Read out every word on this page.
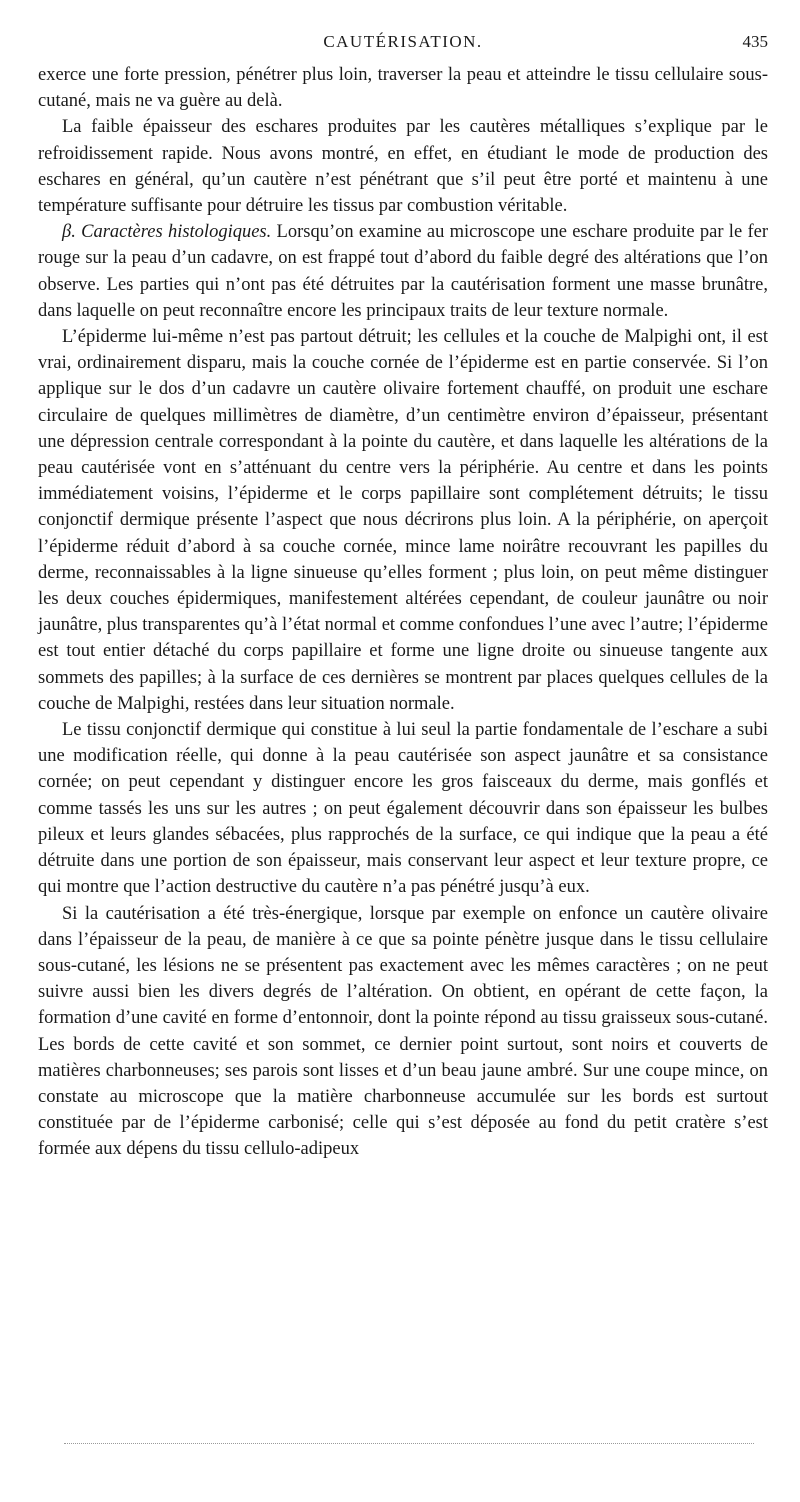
CAUTÉRISATION.	435

exerce une forte pression, pénétrer plus loin, traverser la peau et atteindre le tissu cellulaire sous-cutané, mais ne va guère au delà.

La faible épaisseur des eschares produites par les cautères métalliques s’explique par le refroidissement rapide. Nous avons montré, en effet, en étudiant le mode de production des eschares en général, qu’un cautère n’est pénétrant que s’il peut être porté et maintenu à une température suffisante pour détruire les tissus par combustion véritable.

β. Caractères histologiques. Lorsqu’on examine au microscope une eschare produite par le fer rouge sur la peau d’un cadavre, on est frappé tout d’abord du faible degré des altérations que l’on observe. Les parties qui n’ont pas été détruites par la cautérisation forment une masse brunâtre, dans laquelle on peut reconnaître encore les principaux traits de leur texture normale.

L’épiderme lui-même n’est pas partout détruit; les cellules et la couche de Malpighi ont, il est vrai, ordinairement disparu, mais la couche cornée de l’épiderme est en partie conservée. Si l’on applique sur le dos d’un cadavre un cautère olivaire fortement chauffé, on produit une eschare circulaire de quelques millimètres de diamètre, d’un centimètre environ d’épaisseur, présentant une dépression centrale correspondant à la pointe du cautère, et dans laquelle les altérations de la peau cautérisée vont en s’atténuant du centre vers la périphérie. Au centre et dans les points immédiatement voisins, l’épiderme et le corps papillaire sont complétement détruits; le tissu conjonctif dermique présente l’aspect que nous décrirons plus loin. A la périphérie, on aperçoit l’épiderme réduit d’abord à sa couche cornée, mince lame noirâtre recouvrant les papilles du derme, reconnaissables à la ligne sinueuse qu’elles forment ; plus loin, on peut même distinguer les deux couches épidermiques, manifestement altérées cependant, de couleur jaunâtre ou noir jaunâtre, plus transparentes qu’à l’état normal et comme confondues l’une avec l’autre; l’épiderme est tout entier détaché du corps papillaire et forme une ligne droite ou sinueuse tangente aux sommets des papilles; à la surface de ces dernières se montrent par places quelques cellules de la couche de Malpighi, restées dans leur situation normale.

Le tissu conjonctif dermique qui constitue à lui seul la partie fondamentale de l’eschare a subi une modification réelle, qui donne à la peau cautérisée son aspect jaunâtre et sa consistance cornée; on peut cependant y distinguer encore les gros faisceaux du derme, mais gonflés et comme tassés les uns sur les autres ; on peut également découvrir dans son épaisseur les bulbes pileux et leurs glandes sébacées, plus rapprochés de la surface, ce qui indique que la peau a été détruite dans une portion de son épaisseur, mais conservant leur aspect et leur texture propre, ce qui montre que l’action destructive du cautère n’a pas pénétré jusqu’à eux.

Si la cautérisation a été très-énergique, lorsque par exemple on enfonce un cautère olivaire dans l’épaisseur de la peau, de manière à ce que sa pointe pénètre jusque dans le tissu cellulaire sous-cutané, les lésions ne se présentent pas exactement avec les mêmes caractères ; on ne peut suivre aussi bien les divers degrés de l’altération. On obtient, en opérant de cette façon, la formation d’une cavité en forme d’entonnoir, dont la pointe répond au tissu graisseux sous-cutané. Les bords de cette cavité et son sommet, ce dernier point surtout, sont noirs et couverts de matières charbonneuses; ses parois sont lisses et d’un beau jaune ambré. Sur une coupe mince, on constate au microscope que la matière charbonneuse accumulée sur les bords est surtout constituée par de l’épiderme carbonisé; celle qui s’est déposée au fond du petit cratère s’est formée aux dépens du tissu cellulo-adipeux
